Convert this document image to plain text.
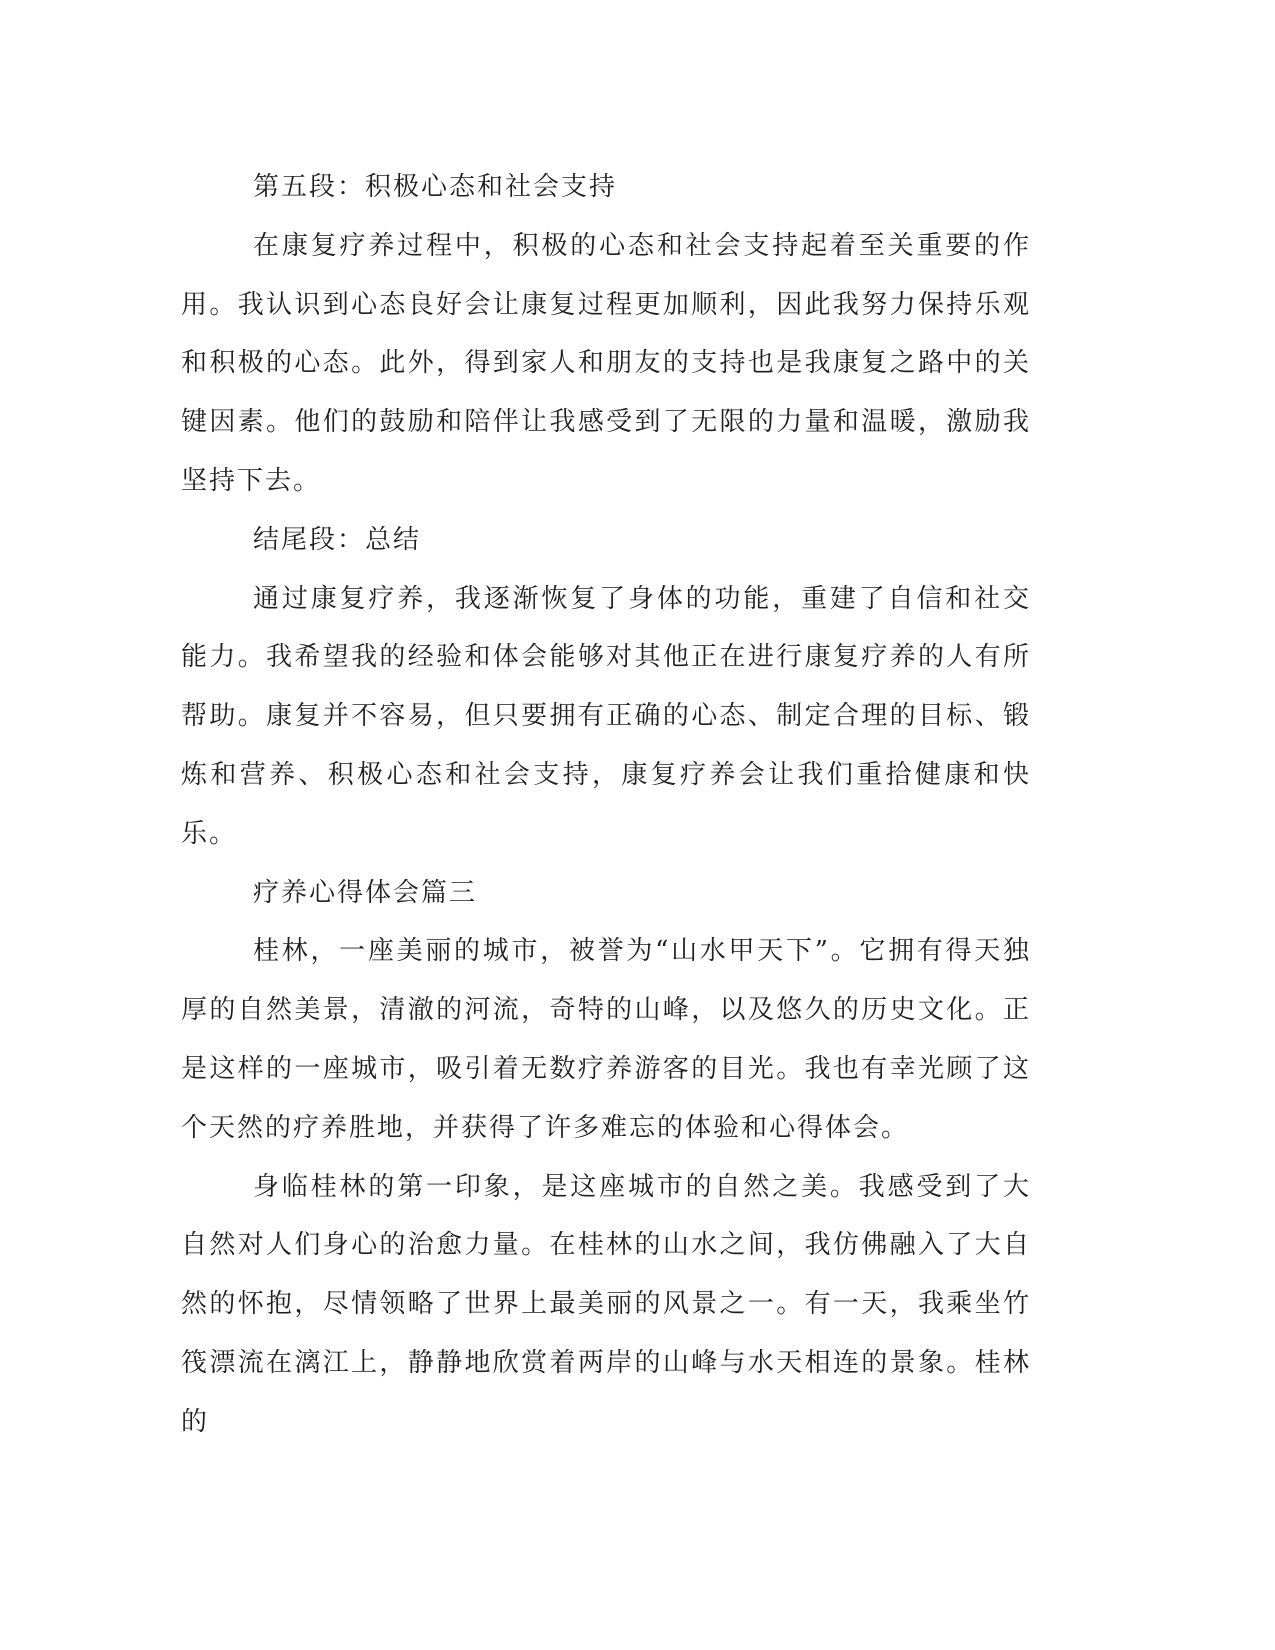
第五段：积极心态和社会支持

在康复疗养过程中，积极的心态和社会支持起着至关重要的作用。我认识到心态良好会让康复过程更加顺利，因此我努力保持乐观和积极的心态。此外，得到家人和朋友的支持也是我康复之路中的关键因素。他们的鼓励和陪伴让我感受到了无限的力量和温暖，激励我坚持下去。

结尾段：总结

通过康复疗养，我逐渐恢复了身体的功能，重建了自信和社交能力。我希望我的经验和体会能够对其他正在进行康复疗养的人有所帮助。康复并不容易，但只要拥有正确的心态、制定合理的目标、锻炼和营养、积极心态和社会支持，康复疗养会让我们重拾健康和快乐。

疗养心得体会篇三

桂林，一座美丽的城市，被誉为“山水甲天下”。它拥有得天独厚的自然美景，清澈的河流，奇特的山峰，以及悠久的历史文化。正是这样的一座城市，吸引着无数疗养游客的目光。我也有幸光顾了这个天然的疗养胜地，并获得了许多难忘的体验和心得体会。

身临桂林的第一印象，是这座城市的自然之美。我感受到了大自然对人们身心的治愈力量。在桂林的山水之间，我仿佛融入了大自然的怀抱，尽情领略了世界上最美丽的风景之一。有一天，我乘坐竹筏漂流在漓江上，静静地欣赏着两岸的山峰与水天相连的景象。桂林的
